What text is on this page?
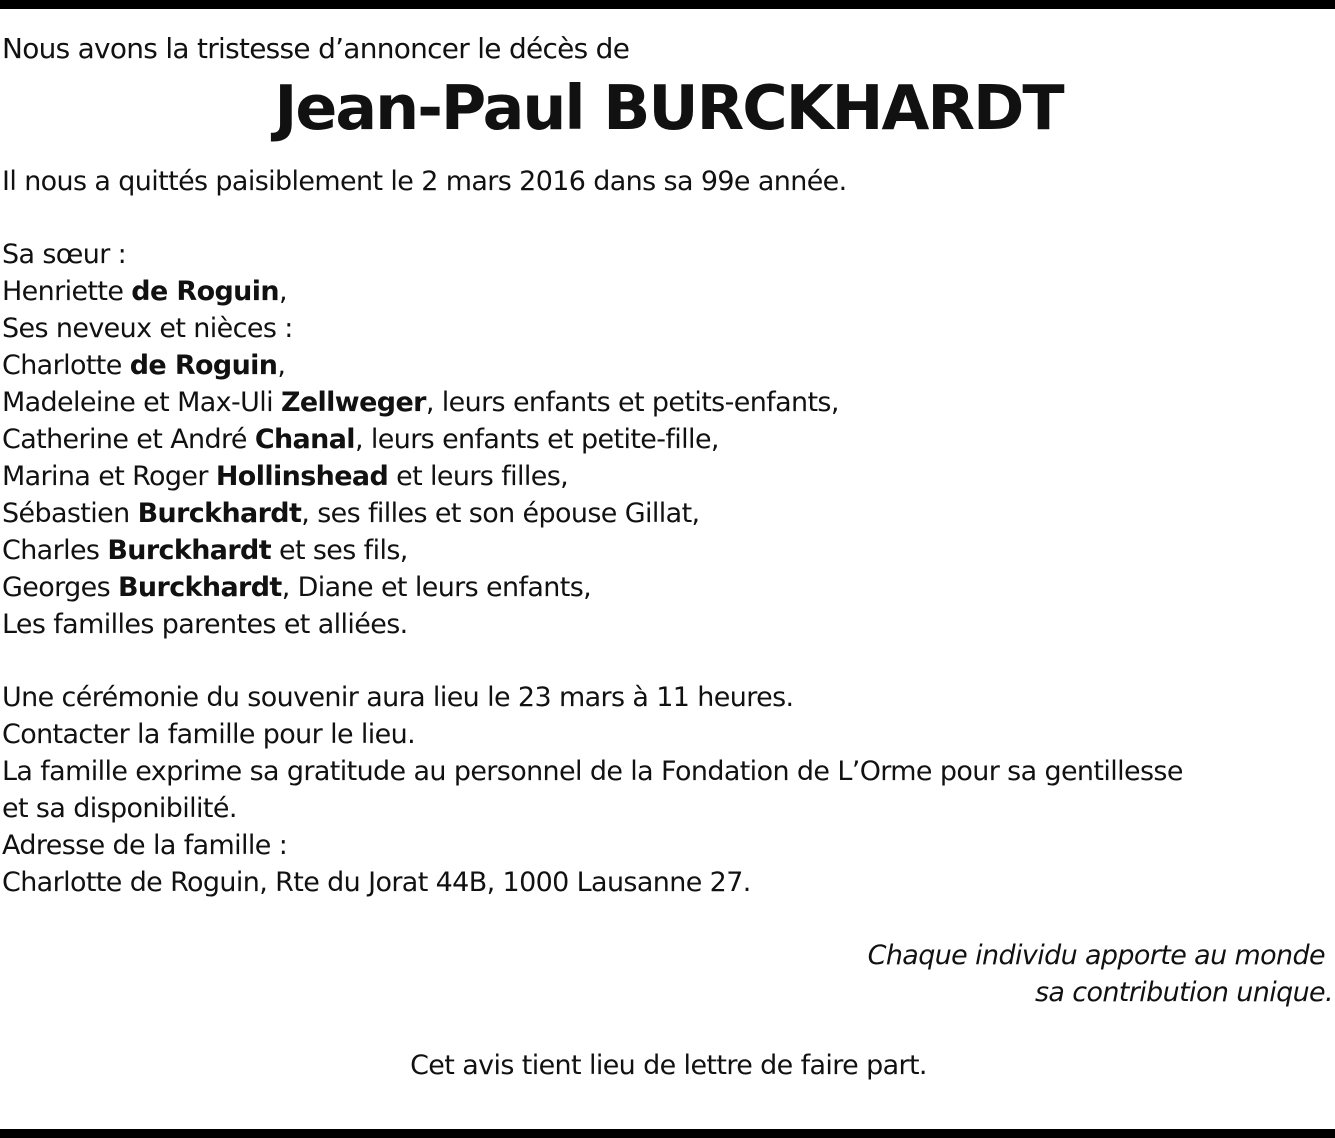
Nous avons la tristesse d’annoncer le décès de
Jean-Paul BURCKHARDT
Il nous a quittés paisiblement le 2 mars 2016 dans sa 99e année.
Sa sœur :
Henriette de Roguin,
Ses neveux et nièces :
Charlotte de Roguin,
Madeleine et Max-Uli Zellweger, leurs enfants et petits-enfants,
Catherine et André Chanal, leurs enfants et petite-fille,
Marina et Roger Hollinshead et leurs filles,
Sébastien Burckhardt, ses filles et son épouse Gillat,
Charles Burckhardt et ses fils,
Georges Burckhardt, Diane et leurs enfants,
Les familles parentes et alliées.
Une cérémonie du souvenir aura lieu le 23 mars à 11 heures.
Contacter la famille pour le lieu.
La famille exprime sa gratitude au personnel de la Fondation de L’Orme pour sa gentillesse
et sa disponibilité.
Adresse de la famille :
Charlotte de Roguin, Rte du Jorat 44B, 1000 Lausanne 27.
Chaque individu apporte au monde
sa contribution unique.
Cet avis tient lieu de lettre de faire part.
